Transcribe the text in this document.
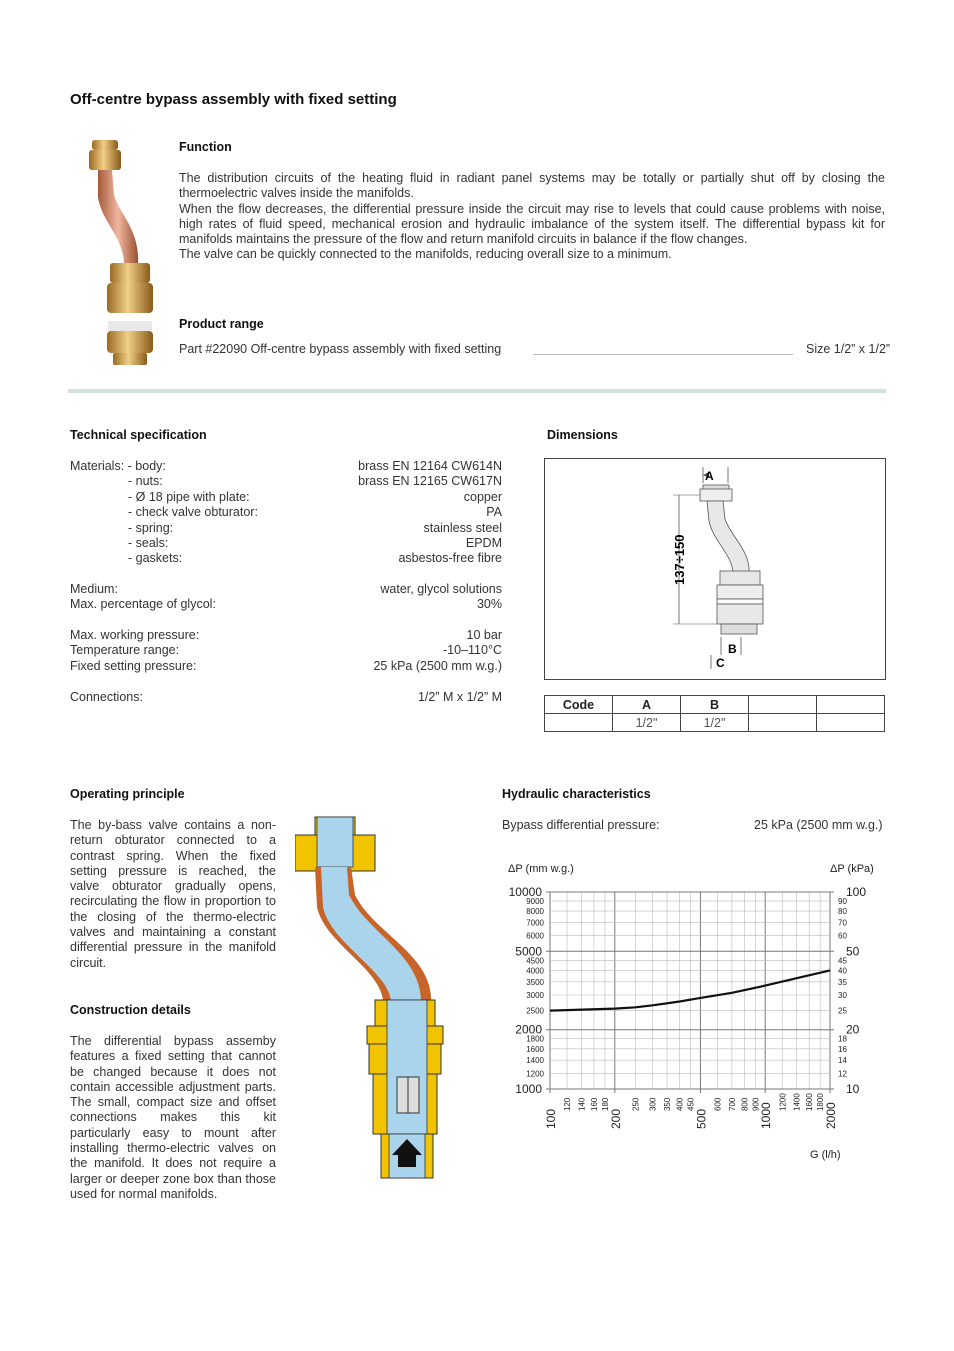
Off-centre bypass assembly with fixed setting
Function
The distribution circuits of the heating fluid in radiant panel systems may be totally or partially shut off by closing the thermoelectric valves inside the manifolds.
When the flow decreases, the differential pressure inside the circuit may rise to levels that could cause problems with noise, high rates of fluid speed, mechanical erosion and hydraulic imbalance of the system itself. The differential bypass kit for manifolds maintains the pressure of the flow and return manifold circuits in balance if the flow changes.
The valve can be quickly connected to the manifolds, reducing overall size to a minimum.
Product range
Part #22090 Off-centre bypass assembly with fixed setting	Size 1/2” x 1/2”
Technical specification
Materials: - body:	brass EN 12164 CW614N
- nuts:	brass EN 12165 CW617N
- Ø 18 pipe with plate:	copper
- check valve obturator:	PA
- spring:	stainless steel
- seals:	EPDM
- gaskets:	asbestos-free fibre
Medium:	water, glycol solutions
Max. percentage of glycol:	30%
Max. working pressure:	10 bar
Temperature range:	-10–110°C
Fixed setting pressure:	25 kPa (2500 mm w.g.)
Connections:	1/2” M x 1/2” M
Dimensions
A
137÷150
B
C
Code	A	B		
	1/2"	1/2"		
Operating principle
The by-bass valve contains a non-return obturator connected to a contrast spring. When the fixed setting pressure is reached, the valve obturator gradually opens, recirculating the flow in proportion to the closing of the thermo-electric valves and maintaining a constant differential pressure in the manifold circuit.
Construction details
The differential bypass assemby features a fixed setting that cannot be changed because it does not contain accessible adjustment parts. The small, compact size and offset connections makes this kit particularly easy to mount after installing thermo-electric valves on the manifold. It does not require a larger or deeper zone box than those used for normal manifolds.
Hydraulic characteristics
Bypass differential pressure:	25 kPa (2500 mm w.g.)
ΔP (mm w.g.)	ΔP (kPa)
G (l/h)
10000
5000
2000
1000
9000
8000
7000
6000
4500
4000
3500
3000
2500
1800
1600
1400
1200
100
50
20
10
90
80
70
60
45
40
35
30
25
18
16
14
12
100	200	500	1000	2000
120 140 160 180	250 300 350 400 450 600 700 800 900 1200 1400 1600 1800
